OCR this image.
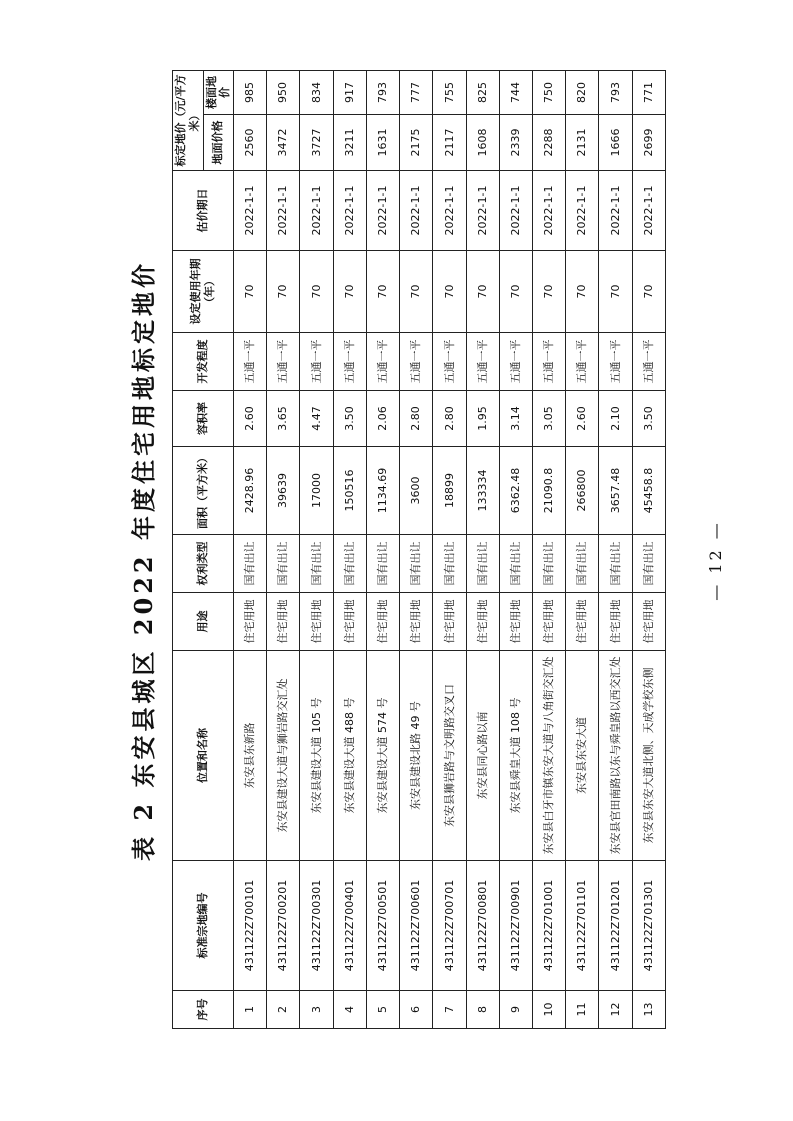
表 2 东安县城区 2022 年度住宅用地标定地价
序号	标准宗地编号	位置和名称	用途	权利类型	面积（平方米）	容积率	开发程度	设定使用年期（年）	估价期日	标定地价（元/平方米）	
										地面价格	楼面地价
1	431122Z700101	东安县东新路	住宅用地	国有出让	2428.96	2.60	五通一平	70	2022-1-1	2560	985
2	431122Z700201	东安县建设大道与狮岩路交汇处	住宅用地	国有出让	39639	3.65	五通一平	70	2022-1-1	3472	950
3	431122Z700301	东安县建设大道 105 号	住宅用地	国有出让	17000	4.47	五通一平	70	2022-1-1	3727	834
4	431122Z700401	东安县建设大道 488 号	住宅用地	国有出让	150516	3.50	五通一平	70	2022-1-1	3211	917
5	431122Z700501	东安县建设大道 574 号	住宅用地	国有出让	1134.69	2.06	五通一平	70	2022-1-1	1631	793
6	431122Z700601	东安县建设北路 49 号	住宅用地	国有出让	3600	2.80	五通一平	70	2022-1-1	2175	777
7	431122Z700701	东安县狮岩路与文明路交叉口	住宅用地	国有出让	18899	2.80	五通一平	70	2022-1-1	2117	755
8	431122Z700801	东安县同心路以南	住宅用地	国有出让	133334	1.95	五通一平	70	2022-1-1	1608	825
9	431122Z700901	东安县舜皇大道 108 号	住宅用地	国有出让	6362.48	3.14	五通一平	70	2022-1-1	2339	744
10	431122Z701001	东安县白牙市镇东安大道与八角街交汇处	住宅用地	国有出让	21090.8	3.05	五通一平	70	2022-1-1	2288	750
11	431122Z701101	东安县东安大道	住宅用地	国有出让	266800	2.60	五通一平	70	2022-1-1	2131	820
12	431122Z701201	东安县官田南路以东与舜皇路以西交汇处	住宅用地	国有出让	3657.48	2.10	五通一平	70	2022-1-1	1666	793
13	431122Z701301	东安县东安大道北侧、天成学校东侧	住宅用地	国有出让	45458.8	3.50	五通一平	70	2022-1-1	2699	771
— 12 —
